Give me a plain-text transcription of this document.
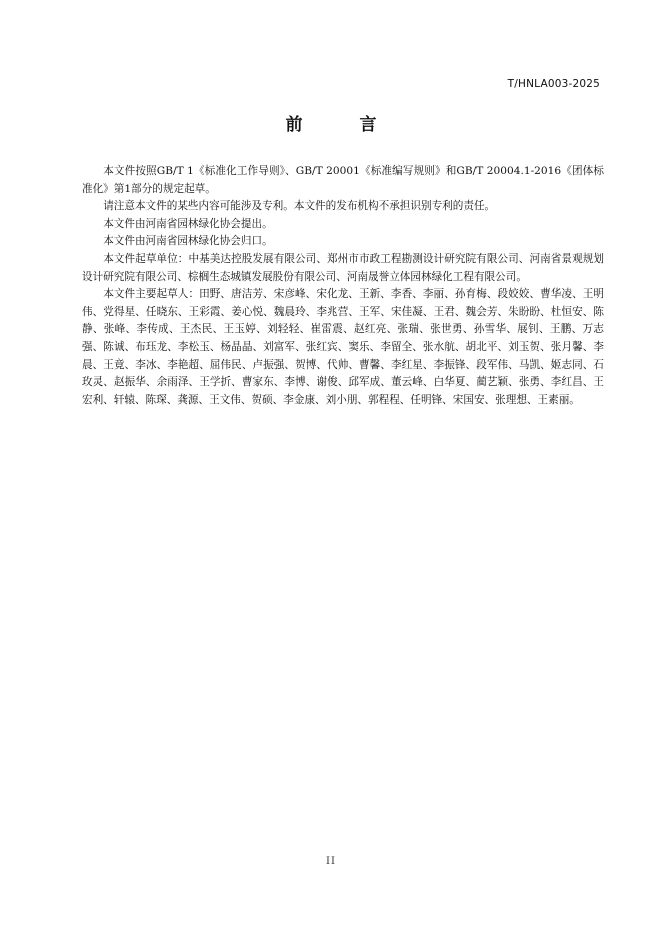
T/HNLA003-2025
前　言

本文件按照GB/T 1《标准化工作导则》、GB/T 20001《标准编写规则》和GB/T 20004.1-2016《团体标准化》第1部分的规定起草。

请注意本文件的某些内容可能涉及专利。本文件的发布机构不承担识别专利的责任。

本文件由河南省园林绿化协会提出。

本文件由河南省园林绿化协会归口。

本文件起草单位：中基美达控股发展有限公司、郑州市市政工程勘测设计研究院有限公司、河南省景观规划设计研究院有限公司、棕榈生态城镇发展股份有限公司、河南晟誉立体园林绿化工程有限公司。

本文件主要起草人：田野、唐洁芳、宋彦峰、宋化龙、王新、李香、李丽、孙育梅、段姣姣、曹华凌、王明伟、党得星、任晓东、王彩霞、姜心悦、魏晨玲、李兆营、王军、宋佳凝、王君、魏会芳、朱盼盼、杜恒安、陈静、张峰、李传成、王杰民、王玉婷、刘轻轻、崔雷震、赵红亮、张瑞、张世勇、孙雪华、展钊、王鹏、万志强、陈诚、布珏龙、李松玉、杨晶晶、刘富军、张红宾、窦乐、李留全、张水航、胡北平、刘玉贺、张月馨、李晨、王竟、李冰、李艳超、屈伟民、卢振强、贺博、代帅、曹馨、李红星、李振锋、段军伟、马凯、姬志同、石玫灵、赵振华、余雨泽、王学折、曹家东、李博、谢俊、邱军成、董云峰、白华夏、蔺艺颖、张勇、李红昌、王宏利、轩辕、陈琛、龚源、王文伟、贺硕、李金康、刘小朋、郭程程、任明锋、宋国安、张理想、王素丽。

II
